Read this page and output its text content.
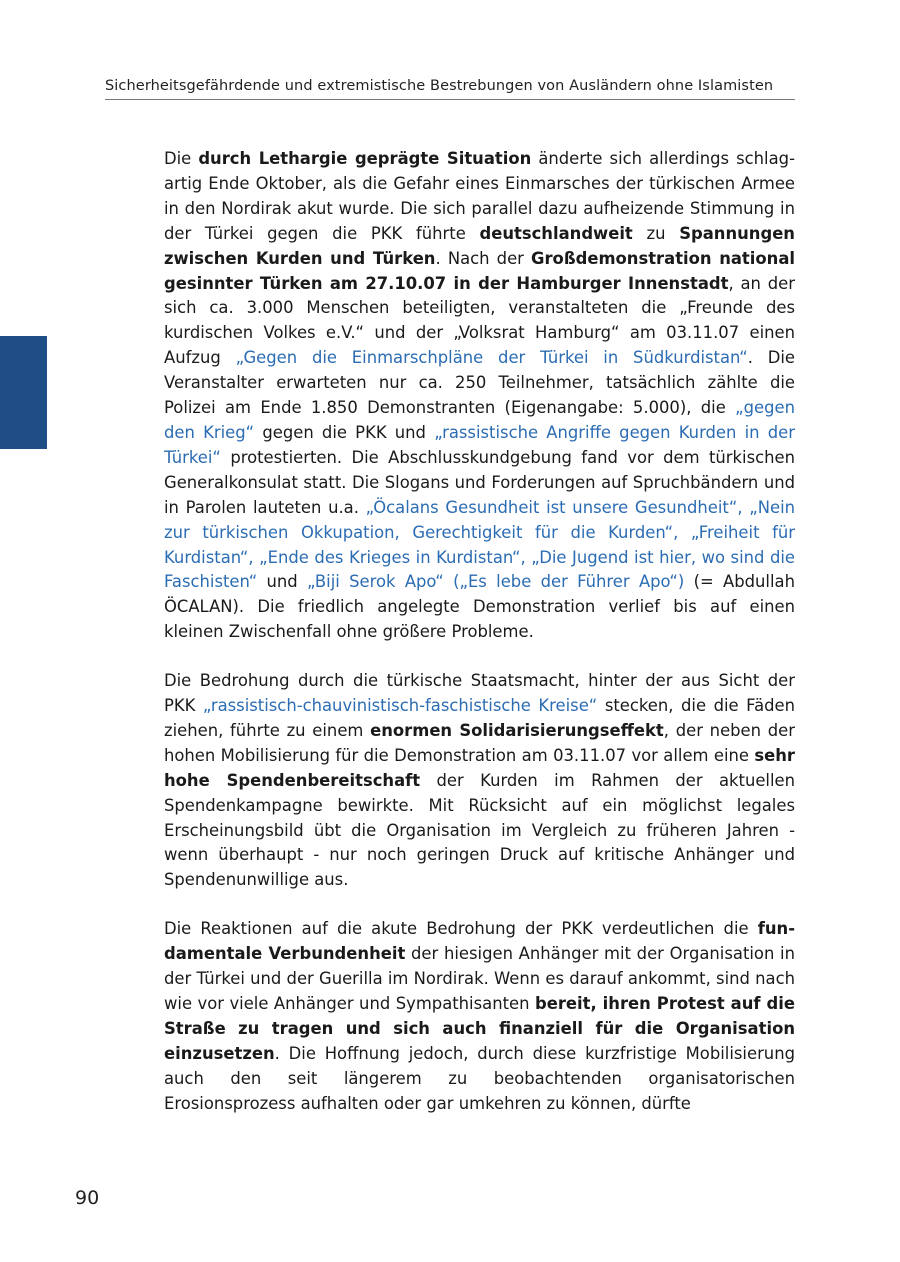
Sicherheitsgefährdende und extremistische Bestrebungen von Ausländern ohne Islamisten

Die durch Lethargie geprägte Situation änderte sich allerdings schlagartig Ende Oktober, als die Gefahr eines Einmarsches der türkischen Armee in den Nordirak akut wurde. Die sich parallel dazu aufheizende Stimmung in der Türkei gegen die PKK führte deutschlandweit zu Spannungen zwischen Kurden und Türken. Nach der Großdemonstration national gesinnter Türken am 27.10.07 in der Hamburger Innenstadt, an der sich ca. 3.000 Menschen beteiligten, veranstalteten die „Freunde des kurdischen Volkes e.V.“ und der „Volksrat Hamburg“ am 03.11.07 einen Aufzug „Gegen die Einmarschpläne der Türkei in Südkurdistan“. Die Veranstalter erwarteten nur ca. 250 Teilnehmer, tatsächlich zählte die Polizei am Ende 1.850 Demonstranten (Eigenangabe: 5.000), die „gegen den Krieg“ gegen die PKK und „rassistische Angriffe gegen Kurden in der Türkei“ protestierten. Die Abschlusskundgebung fand vor dem türkischen Generalkonsulat statt. Die Slogans und Forderungen auf Spruchbändern und in Parolen lauteten u.a. „Öcalans Gesundheit ist unsere Gesundheit“, „Nein zur türkischen Okkupation, Gerechtigkeit für die Kurden“, „Freiheit für Kurdistan“, „Ende des Krieges in Kurdistan“, „Die Jugend ist hier, wo sind die Faschisten“ und „Biji Serok Apo“ („Es lebe der Führer Apo“) (= Abdullah ÖCALAN). Die friedlich angelegte Demonstration verlief bis auf einen kleinen Zwischenfall ohne größere Probleme.

Die Bedrohung durch die türkische Staatsmacht, hinter der aus Sicht der PKK „rassistisch-chauvinistisch-faschistische Kreise“ stecken, die die Fäden ziehen, führte zu einem enormen Solidarisierungseffekt, der neben der hohen Mobilisierung für die Demonstration am 03.11.07 vor allem eine sehr hohe Spendenbereitschaft der Kurden im Rahmen der aktuellen Spendenkampagne bewirkte. Mit Rücksicht auf ein möglichst legales Erscheinungsbild übt die Organisation im Vergleich zu früheren Jahren - wenn überhaupt - nur noch geringen Druck auf kritische Anhänger und Spendenunwillige aus.

Die Reaktionen auf die akute Bedrohung der PKK verdeutlichen die fundamentale Verbundenheit der hiesigen Anhänger mit der Organisation in der Türkei und der Guerilla im Nordirak. Wenn es darauf ankommt, sind nach wie vor viele Anhänger und Sympathisanten bereit, ihren Protest auf die Straße zu tragen und sich auch finanziell für die Organisation einzusetzen. Die Hoffnung jedoch, durch diese kurzfristige Mobilisierung auch den seit längerem zu beobachtenden organisatorischen Erosionsprozess aufhalten oder gar umkehren zu können, dürfte

90
